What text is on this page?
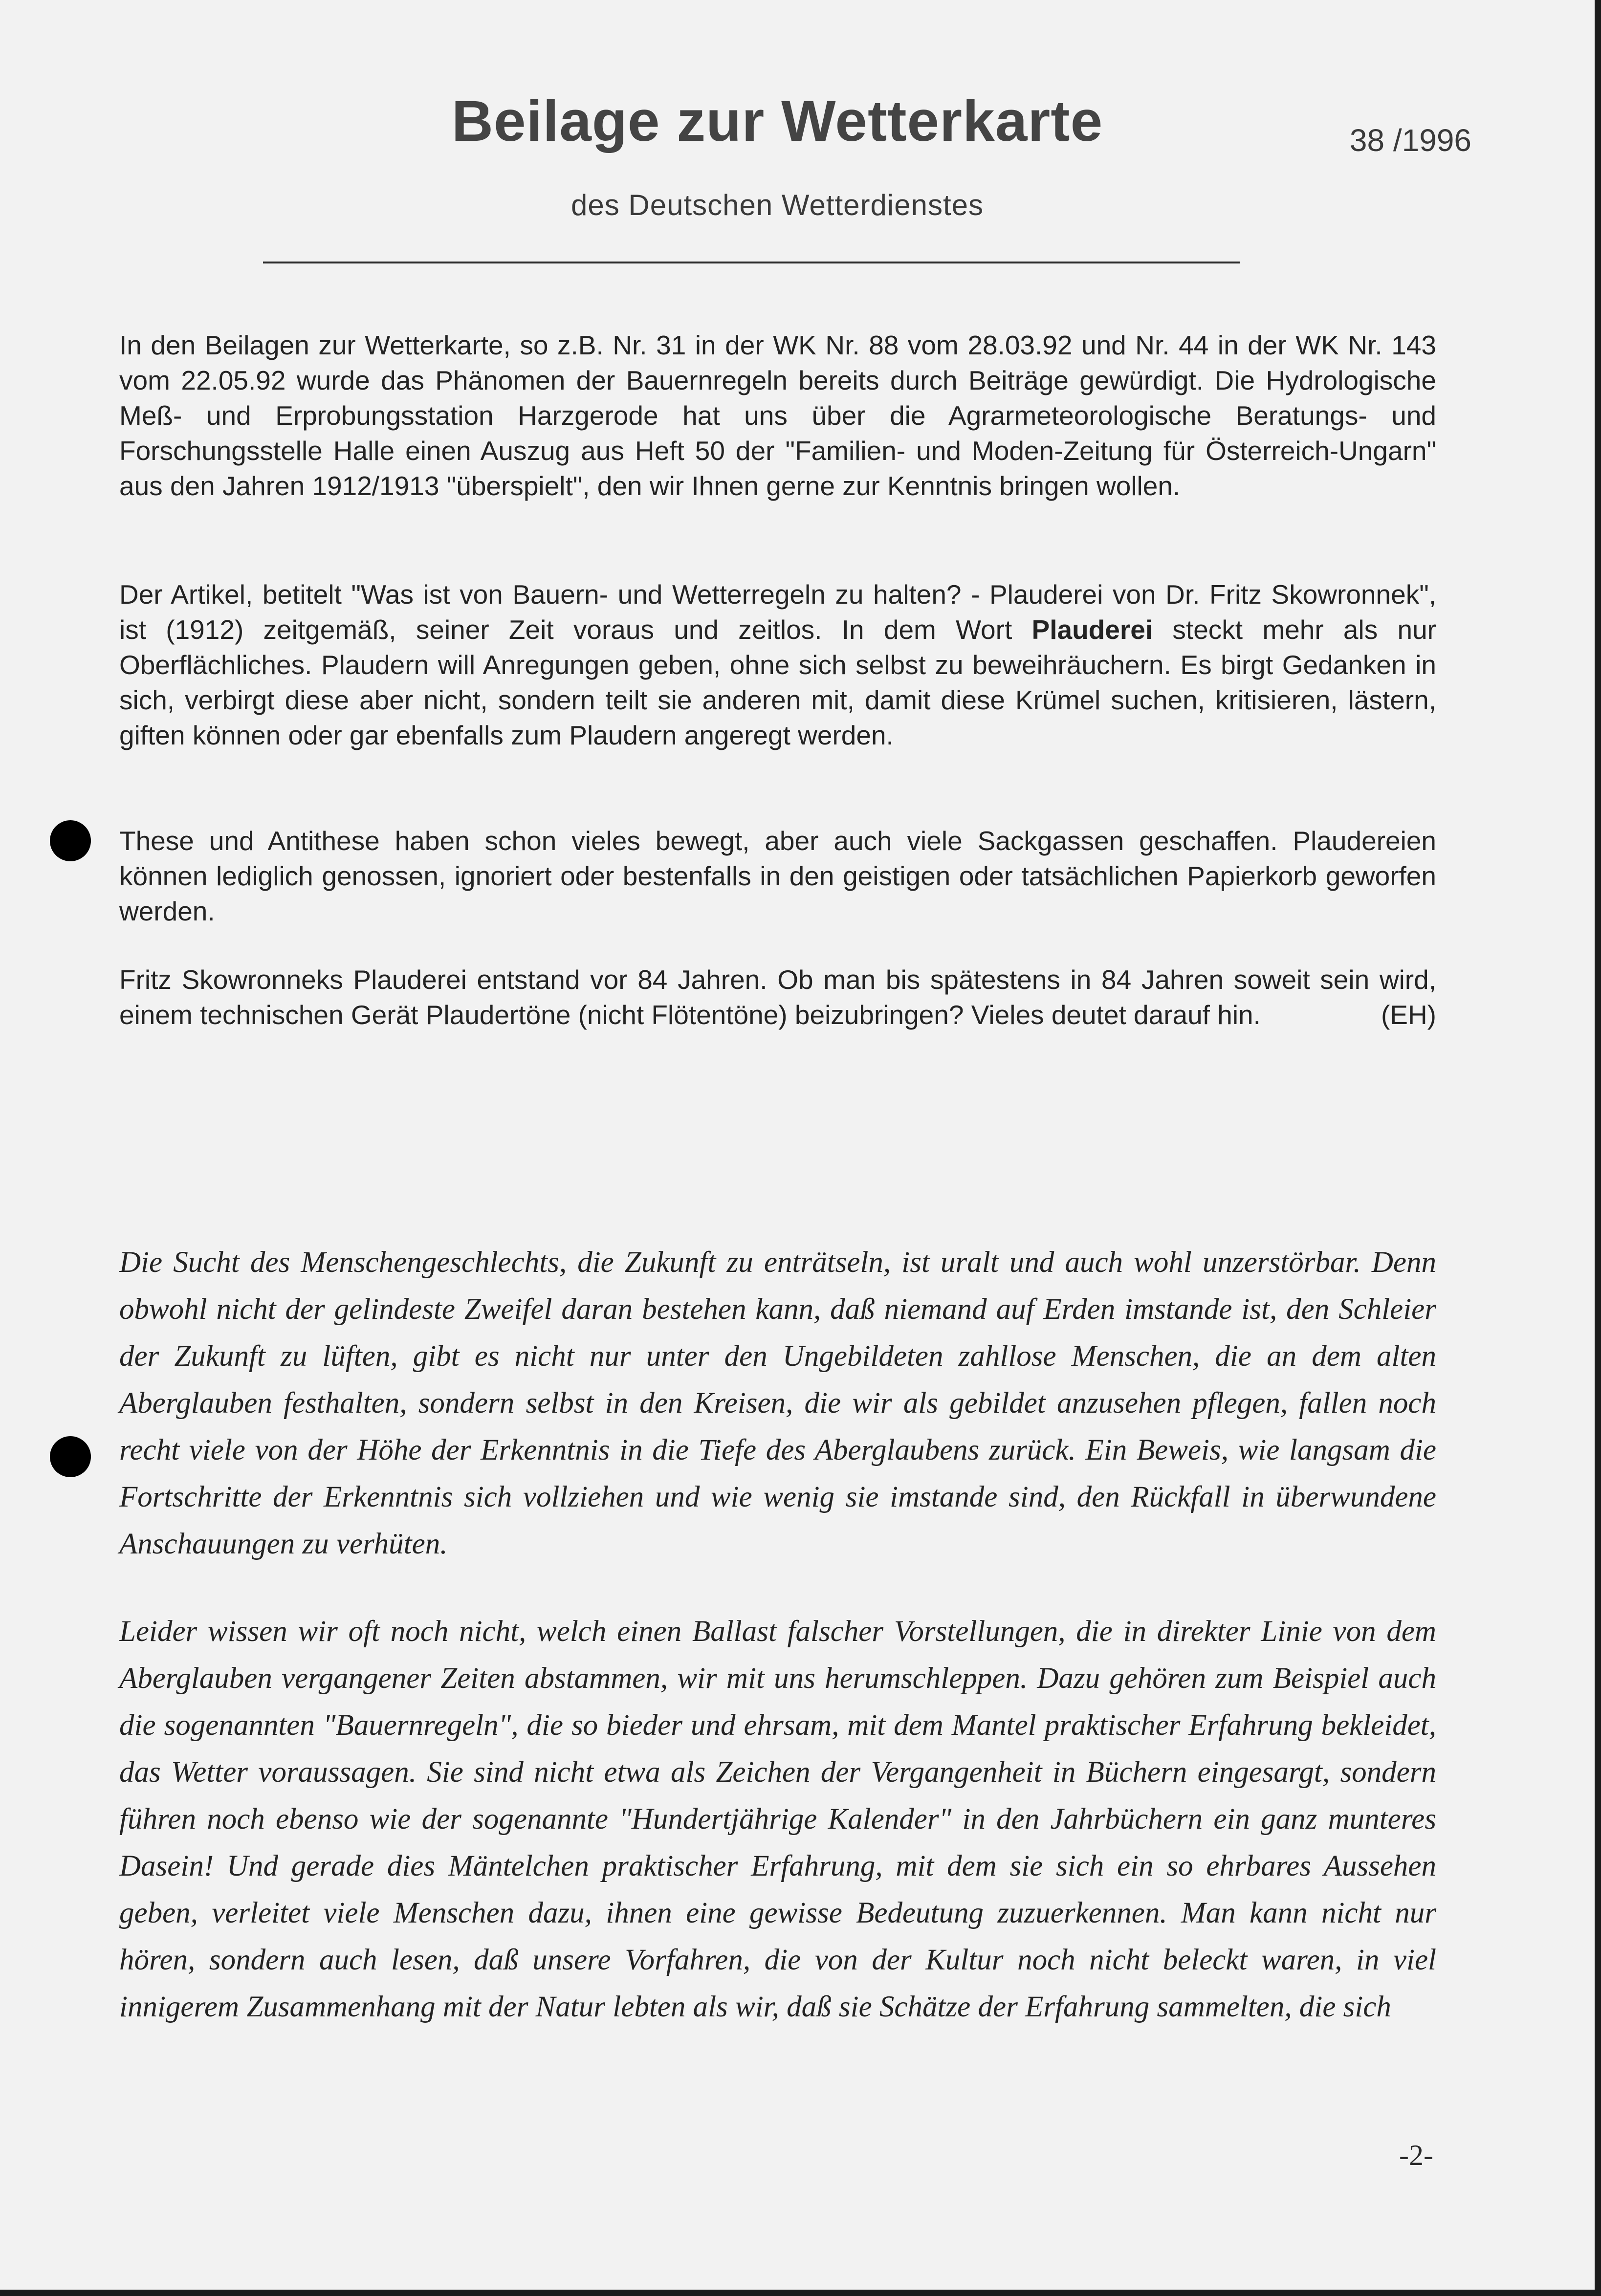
Beilage zur Wetterkarte	38 /1996
des Deutschen Wetterdienstes

In den Beilagen zur Wetterkarte, so z.B. Nr. 31 in der WK Nr. 88 vom 28.03.92 und Nr. 44 in der WK Nr. 143 vom 22.05.92 wurde das Phänomen der Bauernregeln bereits durch Beiträge gewürdigt. Die Hydrologische Meß- und Erprobungsstation Harzgerode hat uns über die Agrarmeteorologische Beratungs- und Forschungsstelle Halle einen Auszug aus Heft 50 der "Familien- und Moden-Zeitung für Österreich-Ungarn" aus den Jahren 1912/1913 "überspielt", den wir Ihnen gerne zur Kenntnis bringen wollen.

Der Artikel, betitelt "Was ist von Bauern- und Wetterregeln zu halten? - Plauderei von Dr. Fritz Skowronnek", ist (1912) zeitgemäß, seiner Zeit voraus und zeitlos. In dem Wort Plauderei steckt mehr als nur Oberflächliches. Plaudern will Anregungen geben, ohne sich selbst zu beweihräuchern. Es birgt Gedanken in sich, verbirgt diese aber nicht, sondern teilt sie anderen mit, damit diese Krümel suchen, kritisieren, lästern, giften können oder gar ebenfalls zum Plaudern angeregt werden.

These und Antithese haben schon vieles bewegt, aber auch viele Sackgassen geschaffen. Plaudereien können lediglich genossen, ignoriert oder bestenfalls in den geistigen oder tatsächlichen Papierkorb geworfen werden.

Fritz Skowronneks Plauderei entstand vor 84 Jahren. Ob man bis spätestens in 84 Jahren soweit sein wird, einem technischen Gerät Plaudertöne (nicht Flötentöne) beizubringen? Vieles deutet darauf hin.	(EH)

Die Sucht des Menschengeschlechts, die Zukunft zu enträtseln, ist uralt und auch wohl unzerstörbar. Denn obwohl nicht der gelindeste Zweifel daran bestehen kann, daß niemand auf Erden imstande ist, den Schleier der Zukunft zu lüften, gibt es nicht nur unter den Ungebildeten zahllose Menschen, die an dem alten Aberglauben festhalten, sondern selbst in den Kreisen, die wir als gebildet anzusehen pflegen, fallen noch recht viele von der Höhe der Erkenntnis in die Tiefe des Aberglaubens zurück. Ein Beweis, wie langsam die Fortschritte der Erkenntnis sich vollziehen und wie wenig sie imstande sind, den Rückfall in überwundene Anschauungen zu verhüten.

Leider wissen wir oft noch nicht, welch einen Ballast falscher Vorstellungen, die in direkter Linie von dem Aberglauben vergangener Zeiten abstammen, wir mit uns herumschleppen. Dazu gehören zum Beispiel auch die sogenannten "Bauernregeln", die so bieder und ehrsam, mit dem Mantel praktischer Erfahrung bekleidet, das Wetter voraussagen. Sie sind nicht etwa als Zeichen der Vergangenheit in Büchern eingesargt, sondern führen noch ebenso wie der sogenannte "Hundertjährige Kalender" in den Jahrbüchern ein ganz munteres Dasein! Und gerade dies Mäntelchen praktischer Erfahrung, mit dem sie sich ein so ehrbares Aussehen geben, verleitet viele Menschen dazu, ihnen eine gewisse Bedeutung zuzuerkennen. Man kann nicht nur hören, sondern auch lesen, daß unsere Vorfahren, die von der Kultur noch nicht beleckt waren, in viel innigerem Zusammenhang mit der Natur lebten als wir, daß sie Schätze der Erfahrung sammelten, die sich

-2-
